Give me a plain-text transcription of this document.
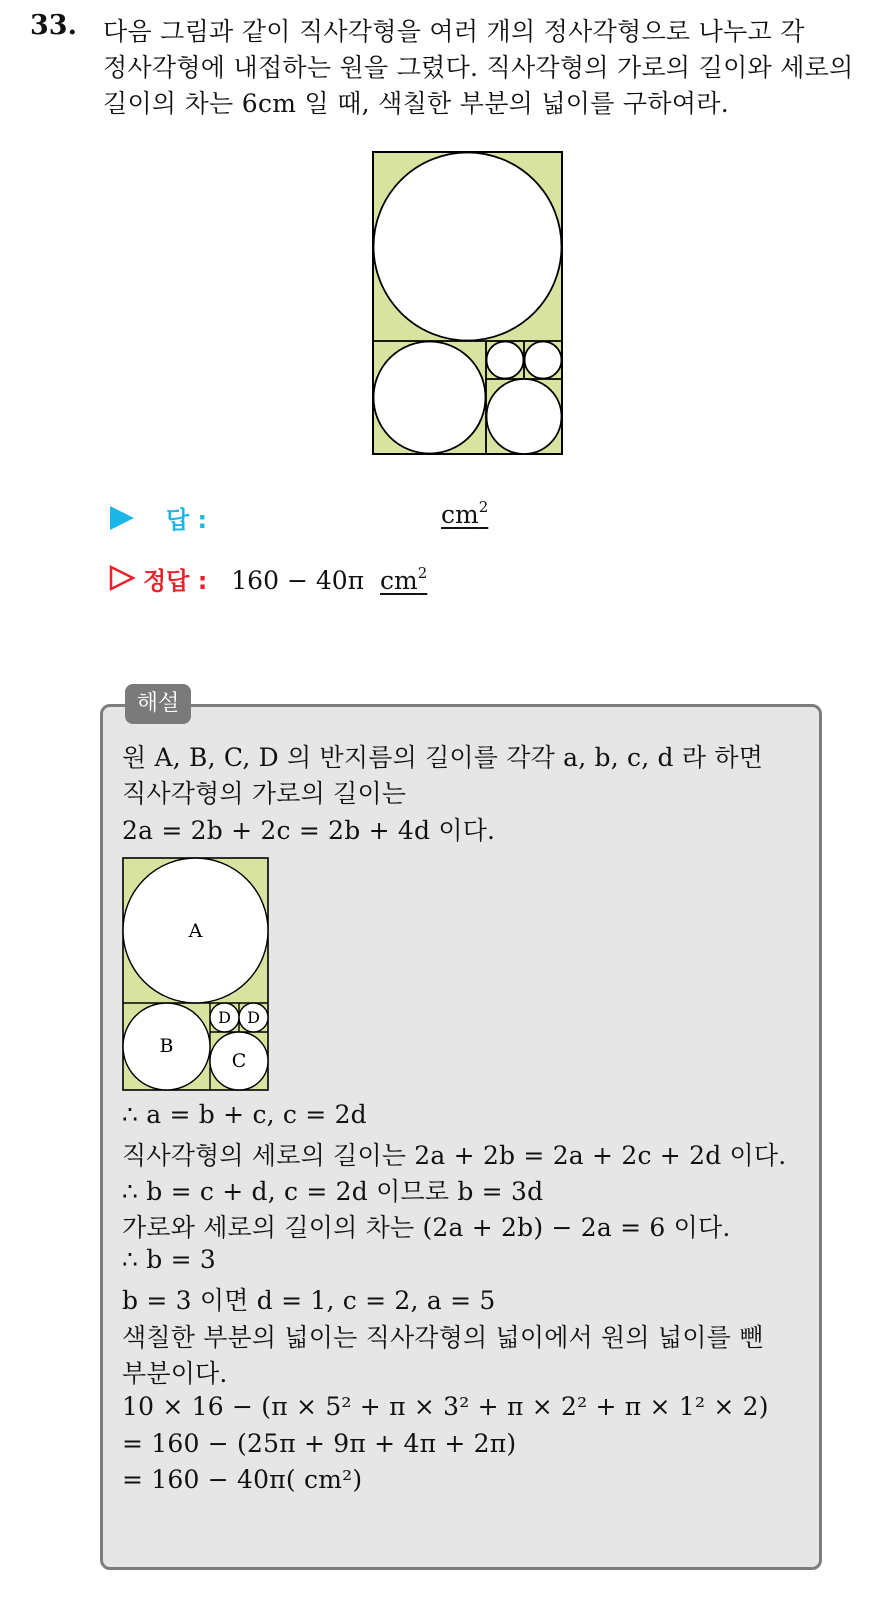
33. 다음 그림과 같이 직사각형을 여러 개의 정사각형으로 나누고 각
정사각형에 내접하는 원을 그렸다. 직사각형의 가로의 길이와 세로의
길이의 차는 6cm 일 때, 색칠한 부분의 넓이를 구하여라.
답 :	$cm^2$
정답 : 160 − 40π $cm^2$
해설
원 A, B, C, D 의 반지름의 길이를 각각 a, b, c, d 라 하면
직사각형의 가로의 길이는
2a = 2b + 2c = 2b + 4d 이다.
A
B
C
D D
∴ a = b + c, c = 2d
직사각형의 세로의 길이는 2a + 2b = 2a + 2c + 2d 이다.
∴ b = c + d, c = 2d 이므로 b = 3d
가로와 세로의 길이의 차는 (2a + 2b) − 2a = 6 이다.
∴ b = 3
b = 3 이면 d = 1, c = 2, a = 5
색칠한 부분의 넓이는 직사각형의 넓이에서 원의 넓이를 뺀
부분이다.
10 × 16 − (π × 5² + π × 3² + π × 2² + π × 1² × 2)
= 160 − (25π + 9π + 4π + 2π)
= 160 − 40π( cm²)
